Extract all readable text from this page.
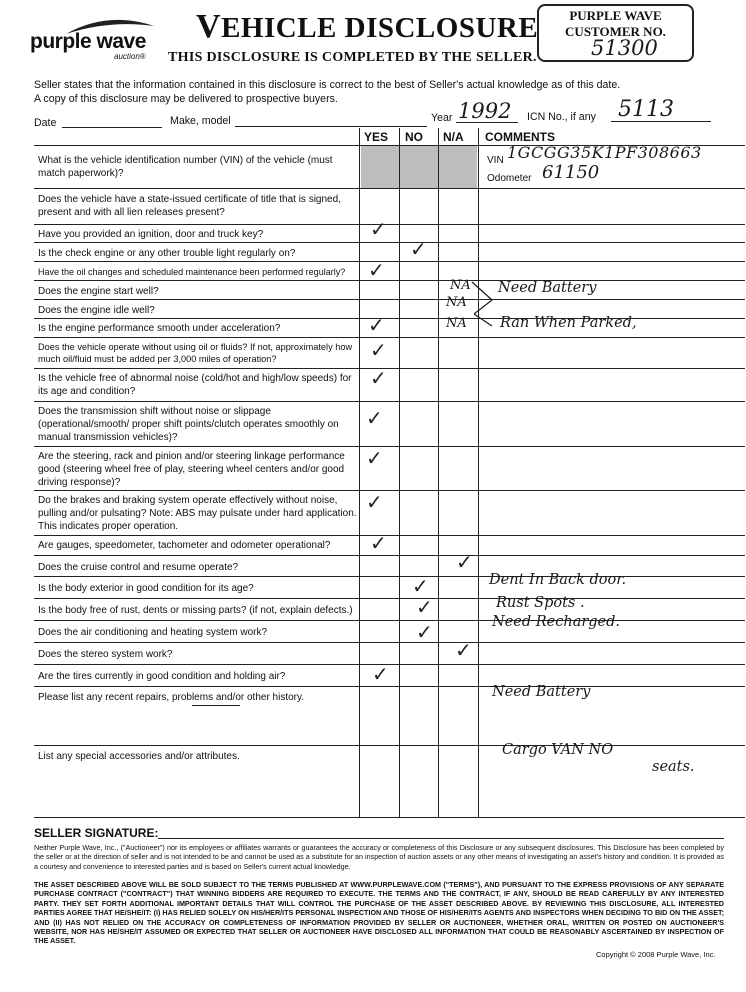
purple wave
auction®
VEHICLE DISCLOSURE
THIS DISCLOSURE IS COMPLETED BY THE SELLER.
PURPLE WAVE
CUSTOMER NO.
51300
Seller states that the information contained in this disclosure is correct to the best of Seller's actual knowledge as of this date.
A copy of this disclosure may be delivered to prospective buyers.
Date	Make, model	Year 1992 ICN No., if any 5113
YES NO N/A COMMENTS
What is the vehicle identification number (VIN) of the vehicle (must match paperwork)?
Does the vehicle have a state-issued certificate of title that is signed, present and with all lien releases present?
Have you provided an ignition, door and truck key?
Is the check engine or any other trouble light regularly on?
Have the oil changes and scheduled maintenance been performed regularly?
Does the engine start well?
Does the engine idle well?
Is the engine performance smooth under acceleration?
Does the vehicle operate without using oil or fluids? If not, approximately how much oil/fluid must be added per 3,000 miles of operation?
Is the vehicle free of abnormal noise (cold/hot and high/low speeds) for its age and condition?
Does the transmission shift without noise or slippage (operational/smooth/ proper shift points/clutch operates smoothly on manual transmission vehicles)?
Are the steering, rack and pinion and/or steering linkage performance good (steering wheel free of play, steering wheel centers and/or good driving response)?
Do the brakes and braking system operate effectively without noise, pulling and/or pulsating? Note: ABS may pulsate under hard application. This indicates proper operation.
Are gauges, speedometer, tachometer and odometer operational?
Does the cruise control and resume operate?
Is the body exterior in good condition for its age?
Is the body free of rust, dents or missing parts? (if not, explain defects.)
Does the air conditioning and heating system work?
Does the stereo system work?
Are the tires currently in good condition and holding air?
Please list any recent repairs, problems and/or other history.
List any special accessories and/or attributes.
VIN 1GCGG35K1PF308663
Odometer 61150
✓
✓
✓
✓
✓
✓
✓
✓
✓
✓
✓
✓
✓
✓
✓
✓
NA
NA
NA
Need Battery
Ran When Parked,
Dent In Back door.
Rust Spots .
Need Recharged.
Need Battery
Cargo VAN NO
seats.
SELLER SIGNATURE:
Neither Purple Wave, Inc., ("Auctioneer") nor its employees or affiliates warrants or guarantees the accuracy or completeness of this Disclosure or any subsequent disclosures. This Disclosure has been completed by the seller or at the direction of seller and is not intended to be and cannot be used as a substitute for an inspection of auction assets or any other means of investigating an asset's history and condition. It is provided as a courtesy and convenience to interested parties and is based on Seller's current actual knowledge.
THE ASSET DESCRIBED ABOVE WILL BE SOLD SUBJECT TO THE TERMS PUBLISHED AT WWW.PURPLEWAVE.COM ("TERMS"), AND PURSUANT TO THE EXPRESS PROVISIONS OF ANY SEPARATE PURCHASE CONTRACT ("CONTRACT") THAT WINNING BIDDERS ARE REQUIRED TO EXECUTE. THE TERMS AND THE CONTRACT, IF ANY, SHOULD BE READ CAREFULLY BY ANY INTERESTED PARTY. THEY SET FORTH ADDITIONAL IMPORTANT DETAILS THAT WILL CONTROL THE PURCHASE OF THE ASSET DESCRIBED ABOVE. BY REVIEWING THIS DISCLOSURE, ALL INTERESTED PARTIES AGREE THAT HE/SHE/IT: (I) HAS RELIED SOLELY ON HIS/HER/ITS PERSONAL INSPECTION AND THOSE OF HIS/HER/ITS AGENTS AND INSPECTORS WHEN DECIDING TO BID ON THE ASSET; AND (II) HAS NOT RELIED ON THE ACCURACY OR COMPLETENESS OF INFORMATION PROVIDED BY SELLER OR AUCTIONEER, WHETHER ORAL, WRITTEN OR POSTED ON AUCTIONEER'S WEBSITE, NOR HAS HE/SHE/IT ASSUMED OR EXPECTED THAT SELLER OR AUCTIONEER HAVE DISCLOSED ALL INFORMATION THAT COULD BE REASONABLY ASCERTAINED BY INSPECTION OF THE ASSET.
Copyright © 2008 Purple Wave, Inc.
